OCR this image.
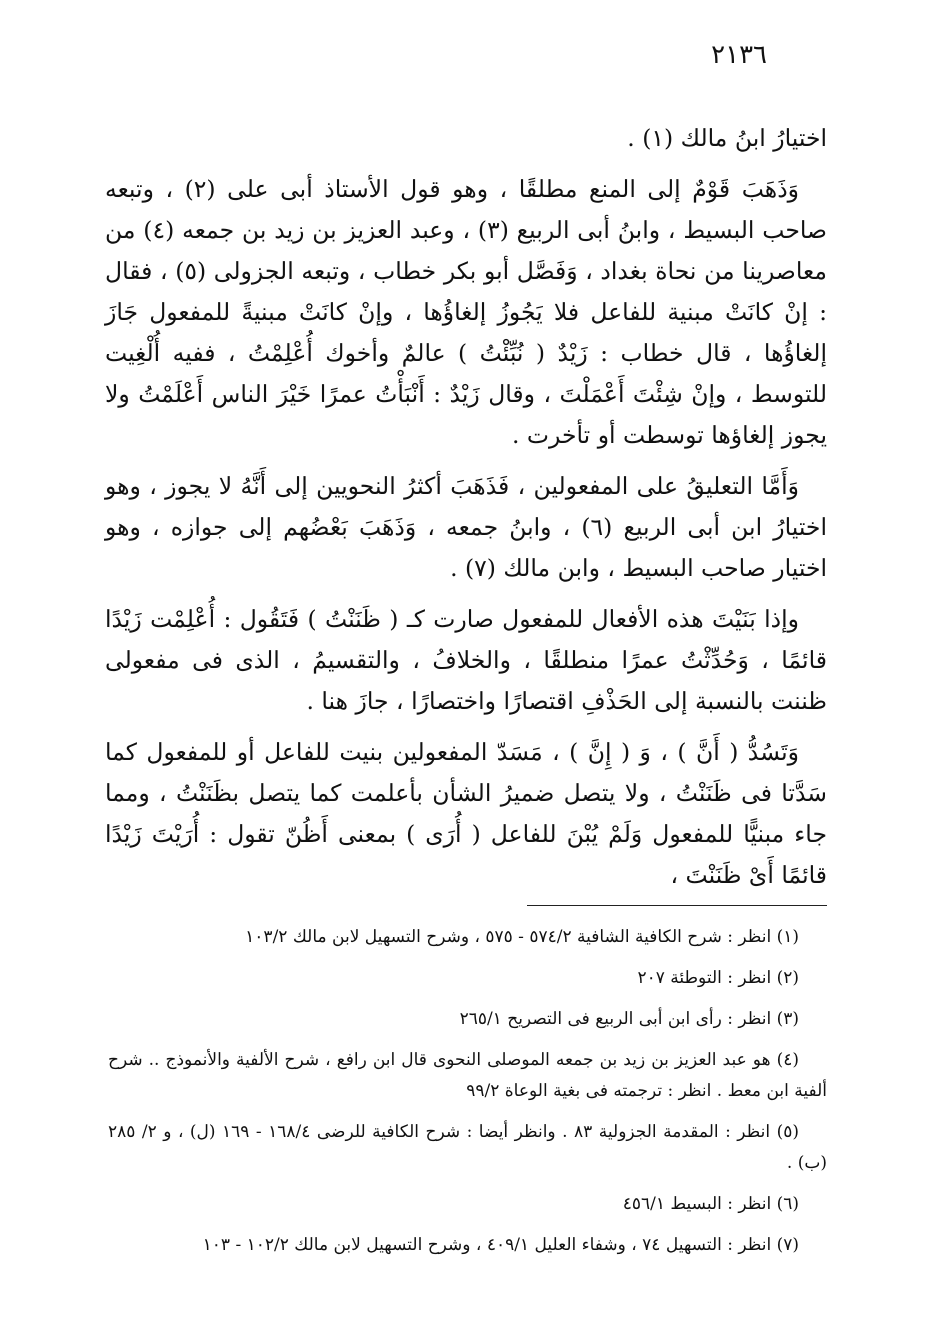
٢١٣٦

اختيارُ ابنُ مالك (١) .

وَذَهَبَ قَوْمٌ إلى المنع مطلقًا ، وهو قول الأستاذ أبى على (٢) ، وتبعه صاحب البسيط ، وابنُ أبى الربيع (٣) ، وعبد العزيز بن زيد بن جمعه (٤) من معاصرينا من نحاة بغداد ، وَفَصَّل أبو بكر خطاب ، وتبعه الجزولى (٥) ، فقال : إنْ كانَتْ مبنية للفاعل فلا يَجُوزُ إلغاؤُها ، وإنْ كانَتْ مبنيةً للمفعول جَازَ إلغاؤُها ، قال خطاب : زَيْدٌ ( نُبِّئْتُ ) عالمٌ وأخوك أُعْلِمْتُ ، ففيه أُلْغِيت للتوسط ، وإنْ شِئْتَ أَعْمَلْتَ ، وقال زَيْدٌ : أَنْبَأْتُ عمرًا خَيْرَ الناس أَعْلَمْتُ ولا يجوز إلغاؤها توسطت أو تأخرت .

وَأَمَّا التعليقُ على المفعولين ، فَذَهَبَ أكثرُ النحويين إلى أَنَّهُ لا يجوز ، وهو اختيارُ ابن أبى الربيع (٦) ، وابنُ جمعه ، وَذَهَبَ بَعْضُهم إلى جوازه ، وهو اختيار صاحب البسيط ، وابن مالك (٧) .

وإذا بَنَيْتَ هذه الأفعال للمفعول صارت كـ ( ظَنَنْتُ ) فَتَقُول : أُعْلِمْت زَيْدًا قائمًا ، وَحُدِّثْتُ عمرًا منطلقًا ، والخلافُ ، والتقسيمُ ، الذى فى مفعولى ظننت بالنسبة إلى الحَذْفِ اقتصارًا واختصارًا ، جازَ هنا .

وَتَسُدُّ ( أَنَّ ) ، وَ ( إِنَّ ) ، مَسَدّ المفعولين بنيت للفاعل أو للمفعول كما سَدَّتا فى ظَنَنْتُ ، ولا يتصل ضميرُ الشأن بأعلمت كما يتصل بظَنَنْتُ ، ومما جاء مبنيًّا للمفعول وَلَمْ يُبْنَ للفاعل ( أُرَى ) بمعنى أَظُنّ تقول : أُرَيْتَ زَيْدًا قائمًا أَىْ ظَنَنْتَ ،

(١) انظر : شرح الكافية الشافية ٥٧٤/٢ - ٥٧٥ ، وشرح التسهيل لابن مالك ١٠٣/٢

(٢) انظر : التوطئة ٢٠٧

(٣) انظر : رأى ابن أبى الربيع فى التصريح ٢٦٥/١

(٤) هو عبد العزيز بن زيد بن جمعه الموصلى النحوى قال ابن رافع ، شرح الألفية والأنموذج .. شرح ألفية ابن معط . انظر : ترجمته فى بغية الوعاة ٩٩/٢

(٥) انظر : المقدمة الجزولية ٨٣ . وانظر أيضا : شرح الكافية للرضى ١٦٨/٤ - ١٦٩ (ل) ، و ٢/ ٢٨٥ (ب) .

(٦) انظر : البسيط ٤٥٦/١

(٧) انظر : التسهيل ٧٤ ، وشفاء العليل ٤٠٩/١ ، وشرح التسهيل لابن مالك ١٠٢/٢ - ١٠٣
